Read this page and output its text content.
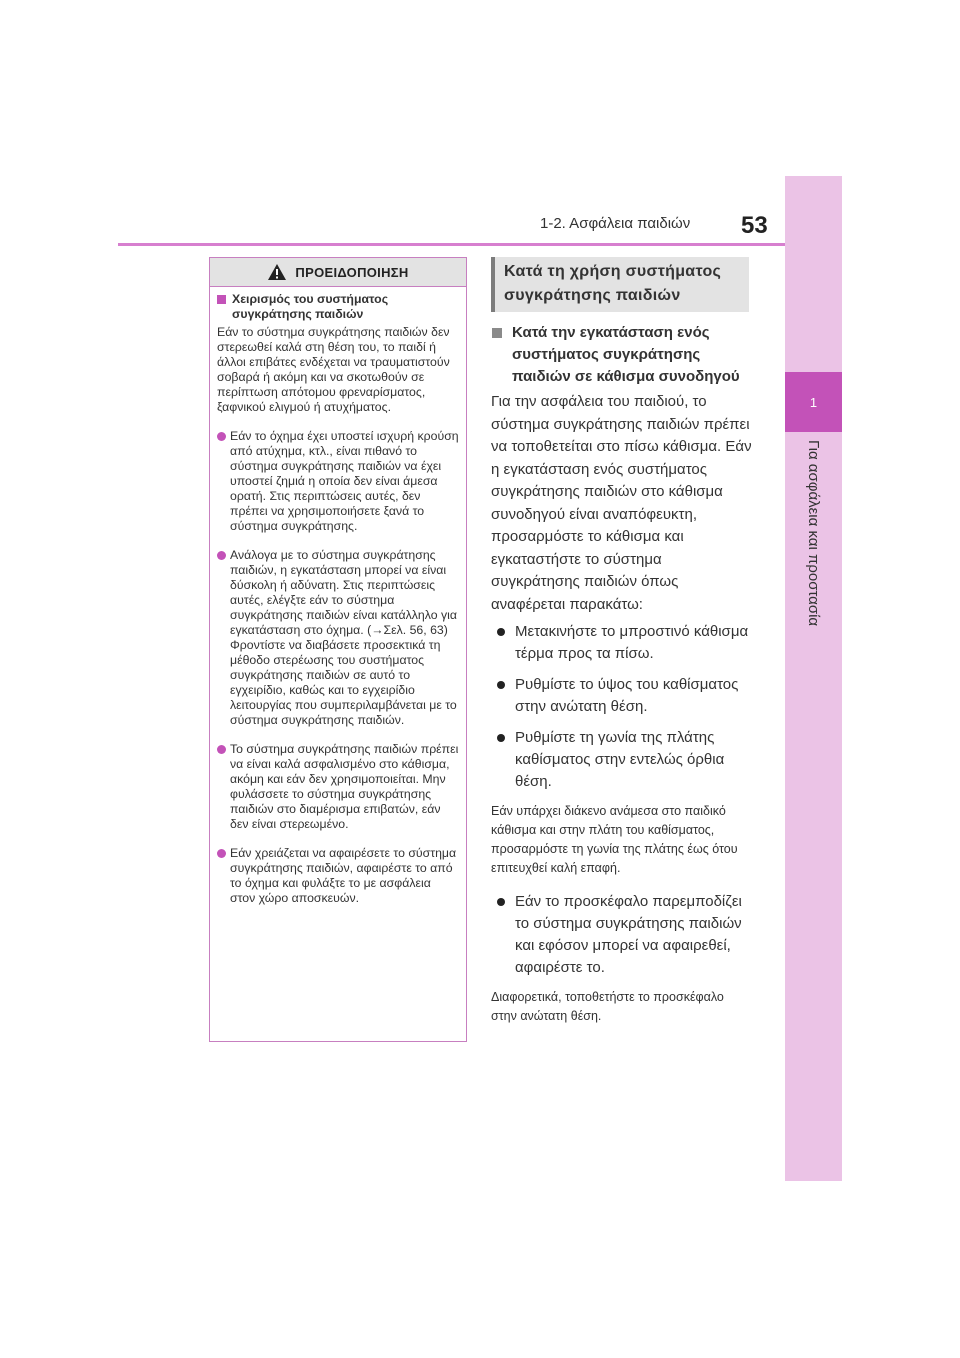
1-2. Ασφάλεια παιδιών 53
1
Για ασφάλεια και προστασία
ΠΡΟΕΙΔΟΠΟΙΗΣΗ
Χειρισμός του συστήματος συγκράτησης παιδιών
Εάν το σύστημα συγκράτησης παιδιών δεν στερεωθεί καλά στη θέση του, το παιδί ή άλλοι επιβάτες ενδέχεται να τραυματιστούν σοβαρά ή ακόμη και να σκοτωθούν σε περίπτωση απότομου φρεναρίσματος, ξαφνικού ελιγμού ή ατυχήματος.
Εάν το όχημα έχει υποστεί ισχυρή κρούση από ατύχημα, κτλ., είναι πιθανό το σύστημα συγκράτησης παιδιών να έχει υποστεί ζημιά η οποία δεν είναι άμεσα ορατή. Στις περιπτώσεις αυτές, δεν πρέπει να χρησιμοποιήσετε ξανά το σύστημα συγκράτησης.
Ανάλογα με το σύστημα συγκράτησης παιδιών, η εγκατάσταση μπορεί να είναι δύσκολη ή αδύνατη. Στις περιπτώσεις αυτές, ελέγξτε εάν το σύστημα συγκράτησης παιδιών είναι κατάλληλο για εγκατάσταση στο όχημα. (→Σελ. 56, 63) Φροντίστε να διαβάσετε προσεκτικά τη μέθοδο στερέωσης του συστήματος συγκράτησης παιδιών σε αυτό το εγχειρίδιο, καθώς και το εγχειρίδιο λειτουργίας που συμπεριλαμβάνεται με το σύστημα συγκράτησης παιδιών.
Το σύστημα συγκράτησης παιδιών πρέπει να είναι καλά ασφαλισμένο στο κάθισμα, ακόμη και εάν δεν χρησιμοποιείται. Μην φυλάσσετε το σύστημα συγκράτησης παιδιών στο διαμέρισμα επιβατών, εάν δεν είναι στερεωμένο.
Εάν χρειάζεται να αφαιρέσετε το σύστημα συγκράτησης παιδιών, αφαιρέστε το από το όχημα και φυλάξτε το με ασφάλεια στον χώρο αποσκευών.
Κατά τη χρήση συστήματος συγκράτησης παιδιών
Κατά την εγκατάσταση ενός συστήματος συγκράτησης παιδιών σε κάθισμα συνοδηγού
Για την ασφάλεια του παιδιού, το σύστημα συγκράτησης παιδιών πρέπει να τοποθετείται στο πίσω κάθισμα. Εάν η εγκατάσταση ενός συστήματος συγκράτησης παιδιών στο κάθισμα συνοδηγού είναι αναπόφευκτη, προσαρμόστε το κάθισμα και εγκαταστήστε το σύστημα συγκράτησης παιδιών όπως αναφέρεται παρακάτω:
Μετακινήστε το μπροστινό κάθισμα τέρμα προς τα πίσω.
Ρυθμίστε το ύψος του καθίσματος στην ανώτατη θέση.
Ρυθμίστε τη γωνία της πλάτης καθίσματος στην εντελώς όρθια θέση.
Εάν υπάρχει διάκενο ανάμεσα στο παιδικό κάθισμα και στην πλάτη του καθίσματος, προσαρμόστε τη γωνία της πλάτης έως ότου επιτευχθεί καλή επαφή.
Εάν το προσκέφαλο παρεμποδίζει το σύστημα συγκράτησης παιδιών και εφόσον μπορεί να αφαιρεθεί, αφαιρέστε το.
Διαφορετικά, τοποθετήστε το προσκέφαλο στην ανώτατη θέση.
